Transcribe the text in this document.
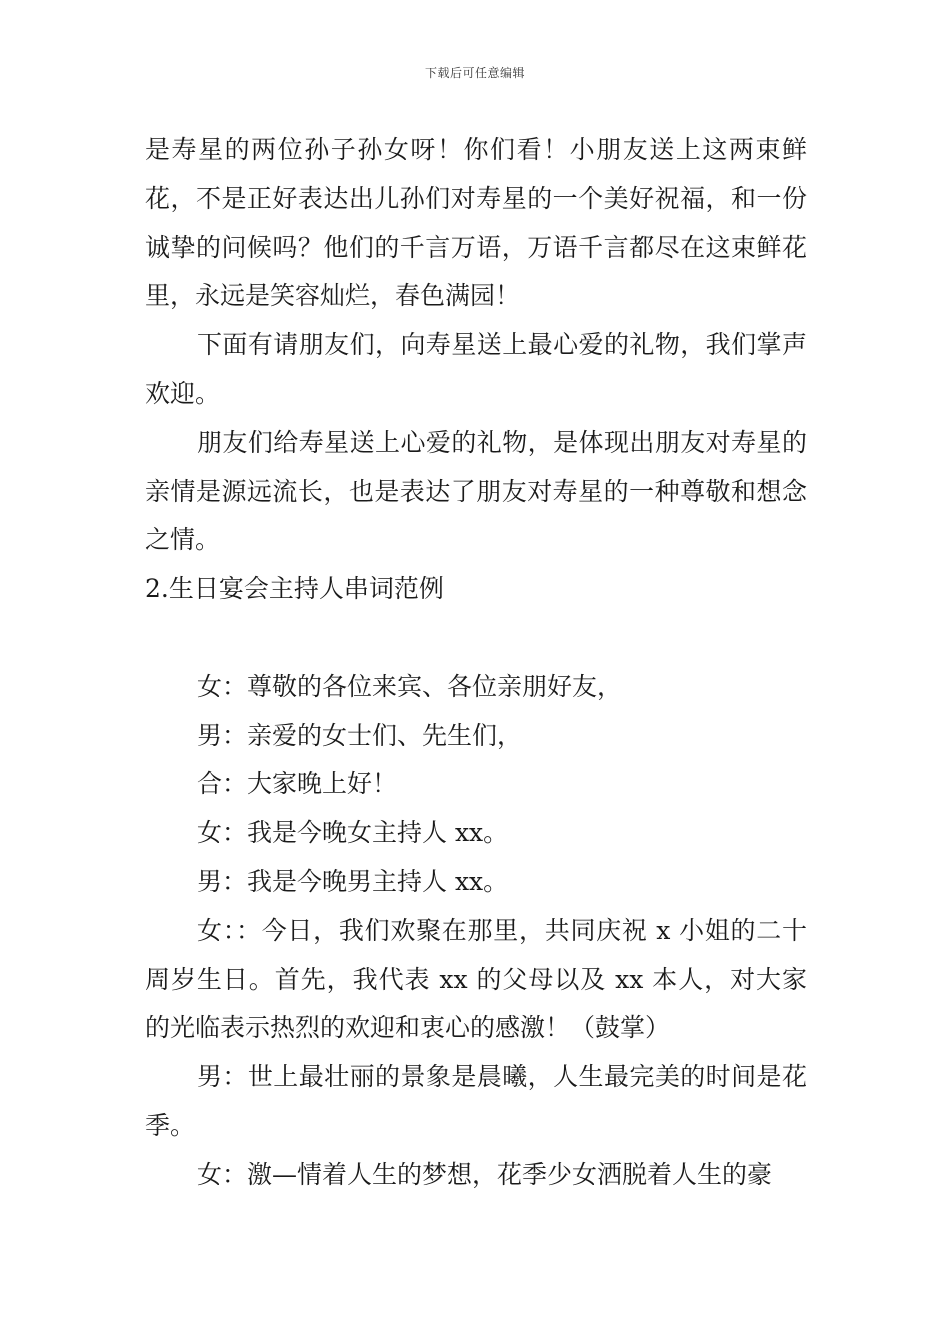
下载后可任意编辑

是寿星的两位孙子孙女呀！你们看！小朋友送上这两束鲜花，不是正好表达出儿孙们对寿星的一个美好祝福，和一份诚挚的问候吗？他们的千言万语，万语千言都尽在这束鲜花里，永远是笑容灿烂，春色满园！

下面有请朋友们，向寿星送上最心爱的礼物，我们掌声欢迎。

朋友们给寿星送上心爱的礼物，是体现出朋友对寿星的亲情是源远流长，也是表达了朋友对寿星的一种尊敬和想念之情。

2.生日宴会主持人串词范例

女：尊敬的各位来宾、各位亲朋好友，

男：亲爱的女士们、先生们，

合：大家晚上好！

女：我是今晚女主持人 xx。

男：我是今晚男主持人 xx。

女：：今日，我们欢聚在那里，共同庆祝 x 小姐的二十周岁生日。首先，我代表 xx 的父母以及 xx 本人，对大家的光临表示热烈的欢迎和衷心的感激！（鼓掌）

男：世上最壮丽的景象是晨曦，人生最完美的时间是花季。

女：激—情着人生的梦想，花季少女洒脱着人生的豪
